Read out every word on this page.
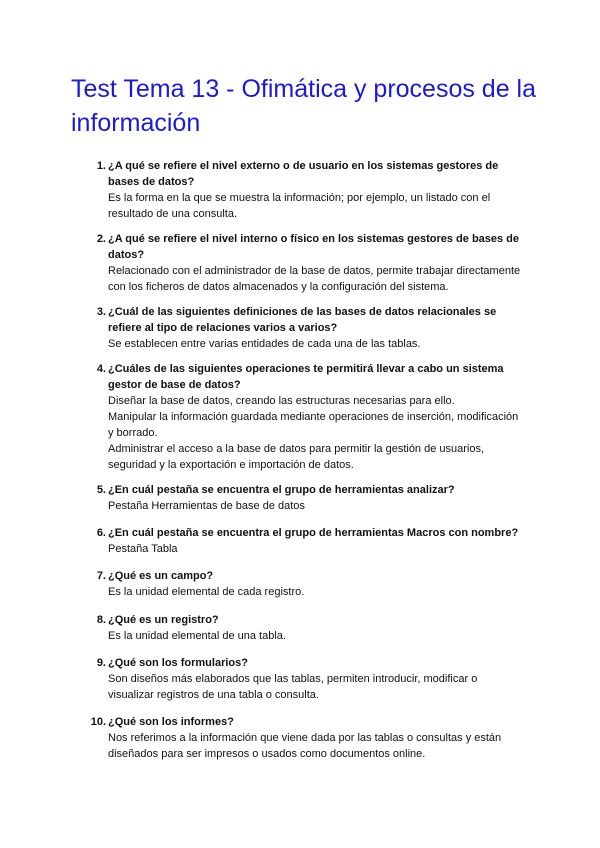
Test Tema 13 - Ofimática y procesos de la información
1. ¿A qué se refiere el nivel externo o de usuario en los sistemas gestores de bases de datos?
Es la forma en la que se muestra la información; por ejemplo, un listado con el
resultado de una consulta.
2. ¿A qué se refiere el nivel interno o físico en los sistemas gestores de bases de datos?
Relacionado con el administrador de la base de datos, permite trabajar directamente
con los ficheros de datos almacenados y la configuración del sistema.
3. ¿Cuál de las siguientes definiciones de las bases de datos relacionales se refiere al tipo de relaciones varios a varios?
Se establecen entre varias entidades de cada una de las tablas.
4. ¿Cuáles de las siguientes operaciones te permitirá llevar a cabo un sistema gestor de base de datos?
Diseñar la base de datos, creando las estructuras necesarias para ello.
Manipular la información guardada mediante operaciones de inserción, modificación
y borrado.
Administrar el acceso a la base de datos para permitir la gestión de usuarios,
seguridad y la exportación e importación de datos.
5. ¿En cuál pestaña se encuentra el grupo de herramientas analizar?
Pestaña Herramientas de base de datos
6. ¿En cuál pestaña se encuentra el grupo de herramientas Macros con nombre?
Pestaña Tabla
7. ¿Qué es un campo?
Es la unidad elemental de cada registro.
8. ¿Qué es un registro?
Es la unidad elemental de una tabla.
9. ¿Qué son los formularios?
Son diseños más elaborados que las tablas, permiten introducir, modificar o
visualizar registros de una tabla o consulta.
10. ¿Qué son los informes?
Nos referimos a la información que viene dada por las tablas o consultas y están
diseñados para ser impresos o usados como documentos online.
